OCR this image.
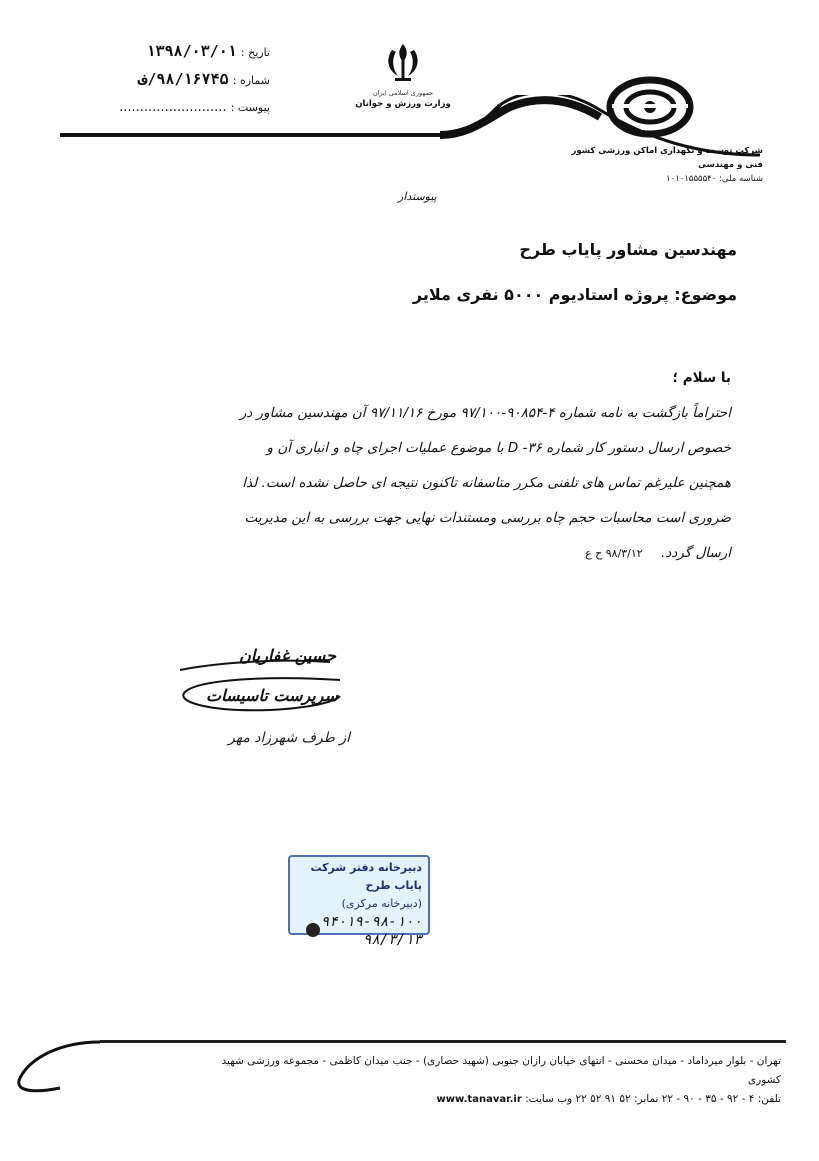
تاریخ : ۱۳۹۸/۰۳/۰۱
شماره : ۹۸/۱۶۷۴۵/ف
پیوست : ..........................
جمهوری اسلامی ایران
وزارت ورزش و جوانان
شرکت توسعه و نگهداری اماکن ورزشی کشور
فنی و مهندسی
شناسه ملی: ۱۰۱۰۱۵۵۵۵۴۰
پیوستدار
مهندسین مشاور پایاب طرح
موضوع: پروژه استادیوم ۵۰۰۰ نفری ملایر
با سلام ؛
احتراماً بازگشت به نامه شماره ۴-۹۰۸۵۴-۹۷/۱۰۰ مورخ ۹۷/۱۱/۱۶ آن مهندسین مشاور در
خصوص ارسال دستور کار شماره ۳۶- D با موضوع عملیات اجرای چاه و انباری آن و
همچنین علیرغم تماس های تلفنی مکرر متاسفانه تاکنون نتیجه ای حاصل نشده است. لذا
ضروری است محاسبات حجم چاه بررسی ومستندات نهایی جهت بررسی به این مدیریت
ارسال گردد. ۹۸/۳/۱۲ ح ع
حسین غفاریان
سرپرست تاسیسات
از طرف شهرزاد مهر
دبیرخانه دفتر شرکت پایاب طرح
(دبیرخانه مرکزی)
۹۴۰۱۹-۹۸-۱۰۰
۹۸/۳/۱۳
تهران - بلوار میرداماد - میدان محسنی - انتهای خیابان رازان جنوبی (شهید حصاری) - جنب میدان کاظمی - مجموعه ورزشی شهید کشوری
تلفن: ۴ - ۹۲ - ۳۵ - ۹۰ - ۲۲ نمابر: ۵۲ ۹۱ ۵۲ ۲۲ وب سایت: www.tanavar.ir
